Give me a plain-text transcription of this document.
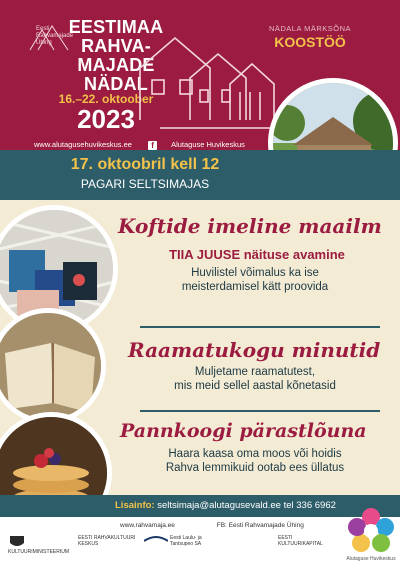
Eesti Rahvamajade Ühing
EESTIMAA
RAHVA-
MAJADE
NÄDAL
16.–22. oktoober
2023
NÄDALA MÄRKSÕNA
KOOSTÖÖ
www.alutagusehuvikeskus.ee f Alutaguse Huvikeskus
17. oktoobril kell 12
PAGARI SELTSIMAJAS
Koftide imeline maailm
TIIA JUUSE näituse avamine
Huvilistel võimalus ka ise
meisterdamisel kätt proovida
Raamatukogu minutid
Muljetame raamatutest,
mis meid sellel aastal kõnetasid
Pannkoogi pärastlõuna
Haara kaasa oma moos või hoidis
Rahva lemmikuid ootab ees üllatus
Lisainfo: seltsimaja@alutagusevald.ee tel 336 6962
www.rahvamaja.ee	FB: Eesti Rahvamajade Ühing
KULTUURIMINISTEERIUM
EESTI RAHVAKULTUURI KESKUS
Eesti Laulu- ja Tantsupeo SA
EESTI KULTUURIKAPITAL
Alutaguse Huvikeskus
